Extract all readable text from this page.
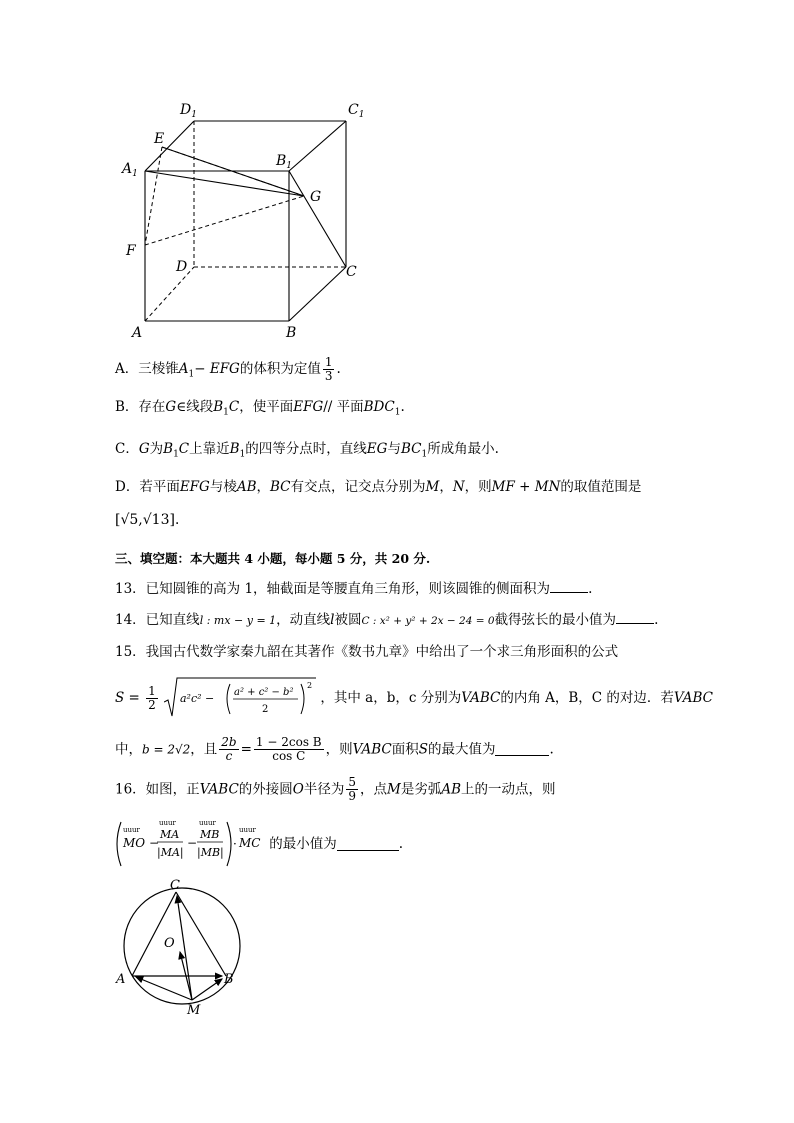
$D_1$	$C_1$
E
$A_1$
$B_1$
G
F
D	C
A	B
A．三棱锥$A_1-$ EFG的体积为定值 $\frac{1}{3}$ .
B．存在G∈线段$B_1C$，使平面EFG// 平面$BDC_1$.
C．G为$B_1C$上靠近$B_1$的四等分点时，直线EG与$BC_1$所成角最小.
D．若平面EFG与棱AB，BC有交点，记交点分别为M，N，则MF + MN的取值范围是
[√5,√13].
三、填空题：本大题共 4 小题，每小题 5 分，共 20 分.
13．已知圆锥的高为 1，轴截面是等腰直角三角形，则该圆锥的侧面积为	.
14．已知直线l : mx − y = 1，动直线l被圆C : x² + y² + 2x − 24 = 0截得弦长的最小值为	.
15．我国古代数学家秦九韶在其著作《数书九章》中给出了一个求三角形面积的公式
$S = \frac{1}{2}$
a²c² − a² + c² − b²
2
2
，其中 a，b，c 分别为VABC的内角 A，B，C 的对边．若VABC
中，b = 2√2，且 $\frac{2b}{c} = \frac{\text{1 − 2cos B}}{\text{cos C}}$ ，则VABC面积S的最大值为	.
16．如图，正VABC的外接圆O半径为 $\frac{5}{9}$ ，点M是劣弧AB上的一动点，则
uuur
MO −
uuur
MA
|MA|
−
uuur
MB
|MB|
·
uuur
MC 的最小值为	.
C
O
A	B
M
